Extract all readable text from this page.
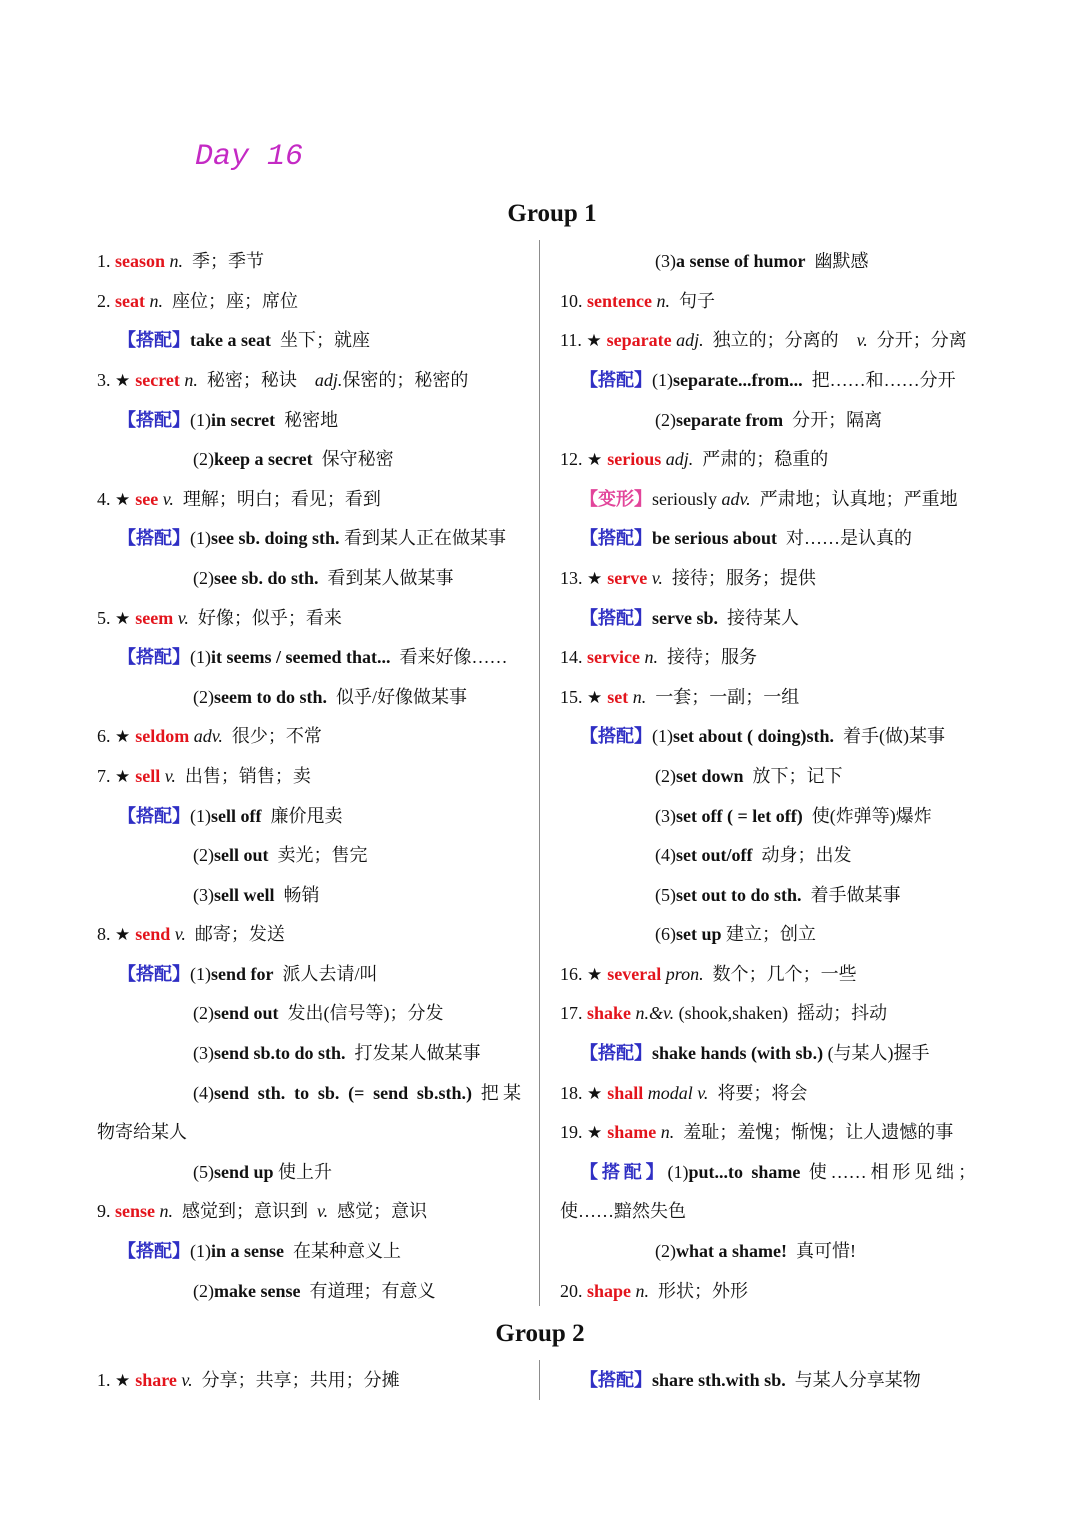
Day 16
Group 1
1. season n.  季；季节
2. seat n.  座位；座；席位
【搭配】take a seat  坐下；就座
3. ★ secret n.  秘密；秘诀    adj.保密的；秘密的
【搭配】(1)in secret  秘密地
(2)keep a secret  保守秘密
4. ★ see v.  理解；明白；看见；看到
【搭配】(1)see sb. doing sth. 看到某人正在做某事
(2)see sb. do sth.  看到某人做某事
5. ★ seem v.  好像；似乎；看来
【搭配】(1)it seems / seemed that...  看来好像……
(2)seem to do sth.  似乎/好像做某事
6. ★ seldom adv.  很少；不常
7. ★ sell v.  出售；销售；卖
【搭配】(1)sell off  廉价甩卖
(2)sell out  卖光；售完
(3)sell well  畅销
8. ★ send v.  邮寄；发送
【搭配】(1)send for  派人去请/叫
(2)send out  发出(信号等)；分发
(3)send sb.to do sth.  打发某人做某事
(4)send sth. to sb. (= send sb.sth.) 把某
物寄给某人
(5)send up 使上升
9. sense n.  感觉到；意识到  v.  感觉；意识
【搭配】(1)in a sense  在某种意义上
(2)make sense  有道理；有意义
(3)a sense of humor  幽默感
10. sentence n.  句子
11. ★ separate adj.  独立的；分离的    v.  分开；分离
【搭配】(1)separate...from...  把……和……分开
(2)separate from  分开；隔离
12. ★ serious adj.  严肃的；稳重的
【变形】seriously adv.  严肃地；认真地；严重地
【搭配】be serious about  对……是认真的
13. ★ serve v.  接待；服务；提供
【搭配】serve sb.  接待某人
14. service n.  接待；服务
15. ★ set n.  一套；一副；一组
【搭配】(1)set about ( doing)sth.  着手(做)某事
(2)set down  放下；记下
(3)set off ( = let off)  使(炸弹等)爆炸
(4)set out/off  动身；出发
(5)set out to do sth.  着手做某事
(6)set up 建立；创立
16. ★ several pron.  数个；几个；一些
17. shake n.&v. (shook,shaken)  摇动；抖动
【搭配】shake hands (with sb.) (与某人)握手
18. ★ shall modal v.  将要；将会
19. ★ shame n.  羞耻；羞愧；惭愧；让人遗憾的事
【搭配】(1)put...to shame 使……相形见绌；
使……黯然失色
(2)what a shame!  真可惜!
20. shape n.  形状；外形
Group 2
1. ★ share v.  分享；共享；共用；分摊	【搭配】share sth.with sb.  与某人分享某物
